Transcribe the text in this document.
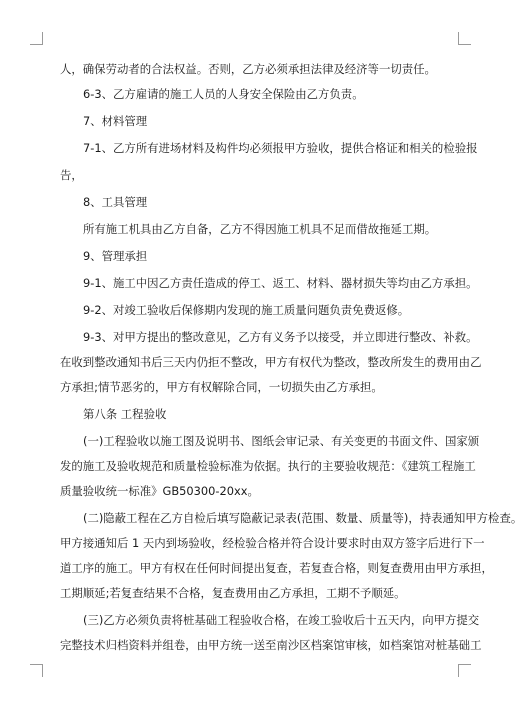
人，确保劳动者的合法权益。否则，乙方必须承担法律及经济等一切责任。

6-3、乙方雇请的施工人员的人身安全保险由乙方负责。

7、材料管理

7-1、乙方所有进场材料及构件均必须报甲方验收，提供合格证和相关的检验报

告，

8、工具管理

所有施工机具由乙方自备，乙方不得因施工机具不足而借故拖延工期。

9、管理承担

9-1、施工中因乙方责任造成的停工、返工、材料、器材损失等均由乙方承担。

9-2、对竣工验收后保修期内发现的施工质量问题负责免费返修。

9-3、对甲方提出的整改意见，乙方有义务予以接受，并立即进行整改、补救。

在收到整改通知书后三天内仍拒不整改，甲方有权代为整改，整改所发生的费用由乙

方承担;情节恶劣的，甲方有权解除合同，一切损失由乙方承担。

第八条 工程验收

(一)工程验收以施工图及说明书、图纸会审记录、有关变更的书面文件、国家颁

发的施工及验收规范和质量检验标准为依据。执行的主要验收规范：《建筑工程施工

质量验收统一标准》GB50300-20xx。

(二)隐蔽工程在乙方自检后填写隐蔽记录表(范围、数量、质量等)，持表通知甲方检查。

甲方接通知后 1 天内到场验收，经检验合格并符合设计要求时由双方签字后进行下一

道工序的施工。甲方有权在任何时间提出复查，若复查合格，则复查费用由甲方承担，

工期顺延;若复查结果不合格，复查费用由乙方承担，工期不予顺延。

(三)乙方必须负责将桩基础工程验收合格，在竣工验收后十五天内，向甲方提交

完整技术归档资料并组卷，由甲方统一送至南沙区档案馆审核，如档案馆对桩基础工
